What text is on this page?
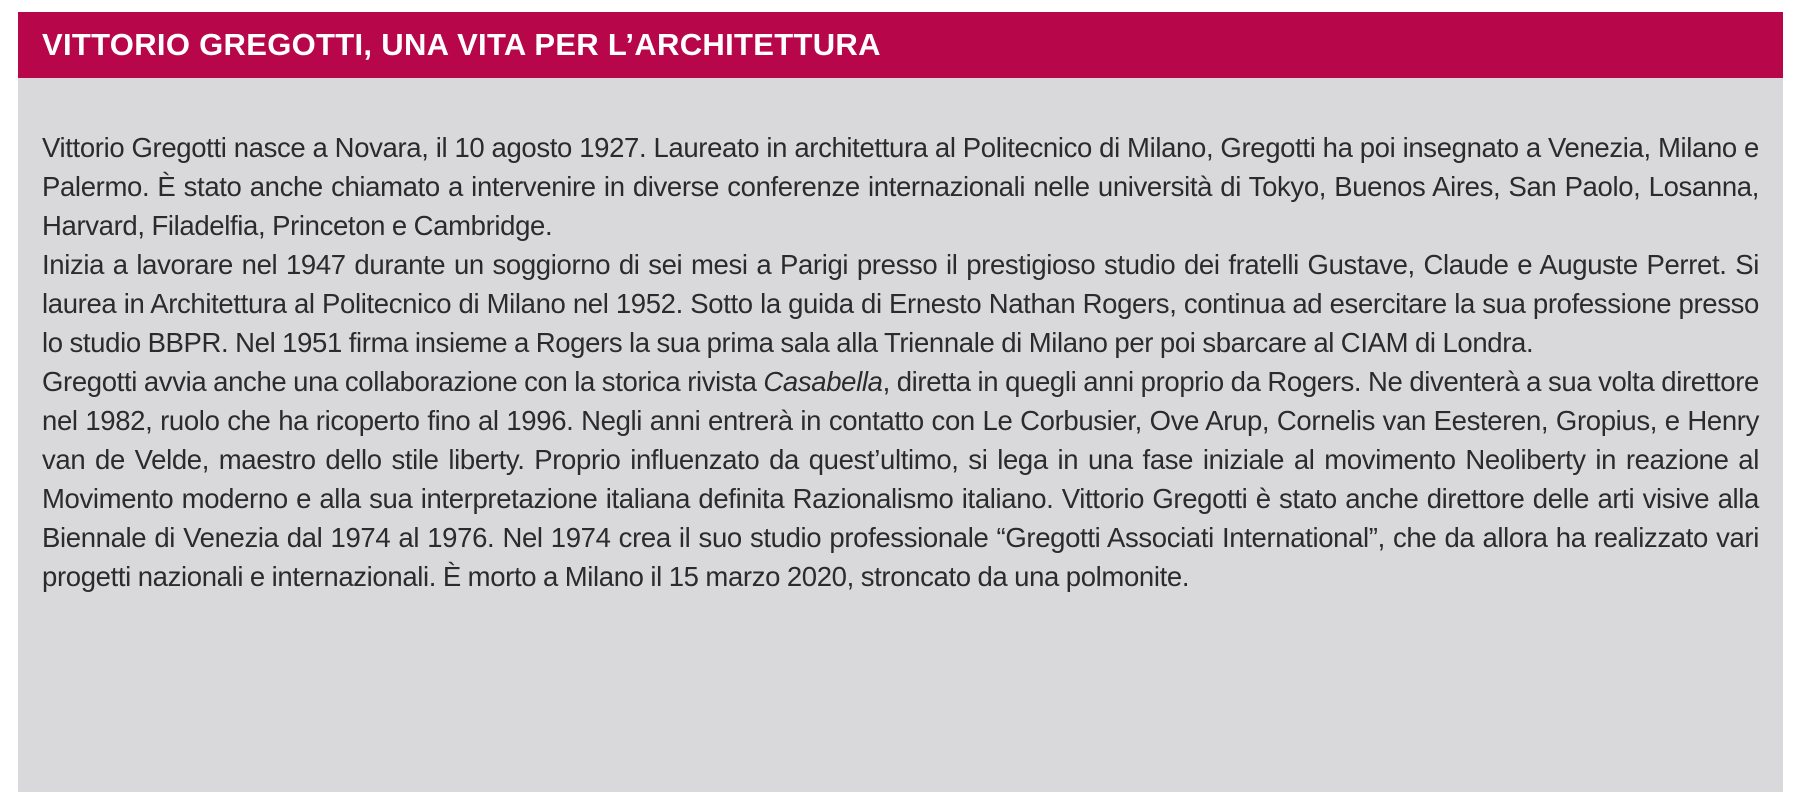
VITTORIO GREGOTTI, UNA VITA PER L’ARCHITETTURA

Vittorio Gregotti nasce a Novara, il 10 agosto 1927. Laureato in architettura al Politecnico di Milano, Gregotti ha poi insegnato a Venezia, Milano e Palermo. È stato anche chiamato a intervenire in diverse conferenze internazionali nelle università di Tokyo, Buenos Aires, San Paolo, Losanna, Harvard, Filadelfia, Princeton e Cambridge.

Inizia a lavorare nel 1947 durante un soggiorno di sei mesi a Parigi presso il prestigioso studio dei fratelli Gustave, Claude e Auguste Perret. Si laurea in Architettura al Politecnico di Milano nel 1952. Sotto la guida di Ernesto Nathan Rogers, continua ad esercitare la sua professione presso lo studio BBPR. Nel 1951 firma insieme a Rogers la sua prima sala alla Triennale di Milano per poi sbarcare al CIAM di Londra.

Gregotti avvia anche una collaborazione con la storica rivista Casabella, diretta in quegli anni proprio da Rogers. Ne diventerà a sua volta direttore nel 1982, ruolo che ha ricoperto fino al 1996. Negli anni entrerà in contatto con Le Corbusier, Ove Arup, Cornelis van Eesteren, Gropius, e Henry van de Velde, maestro dello stile liberty. Proprio influenzato da quest’ultimo, si lega in una fase iniziale al movimento Neoliberty in reazione al Movimento moderno e alla sua interpretazione italiana definita Razionalismo italiano. Vittorio Gregotti è stato anche direttore delle arti visive alla Biennale di Venezia dal 1974 al 1976. Nel 1974 crea il suo studio professionale “Gregotti Associati International”, che da allora ha realizzato vari progetti nazionali e internazionali. È morto a Milano il 15 marzo 2020, stroncato da una polmonite.
